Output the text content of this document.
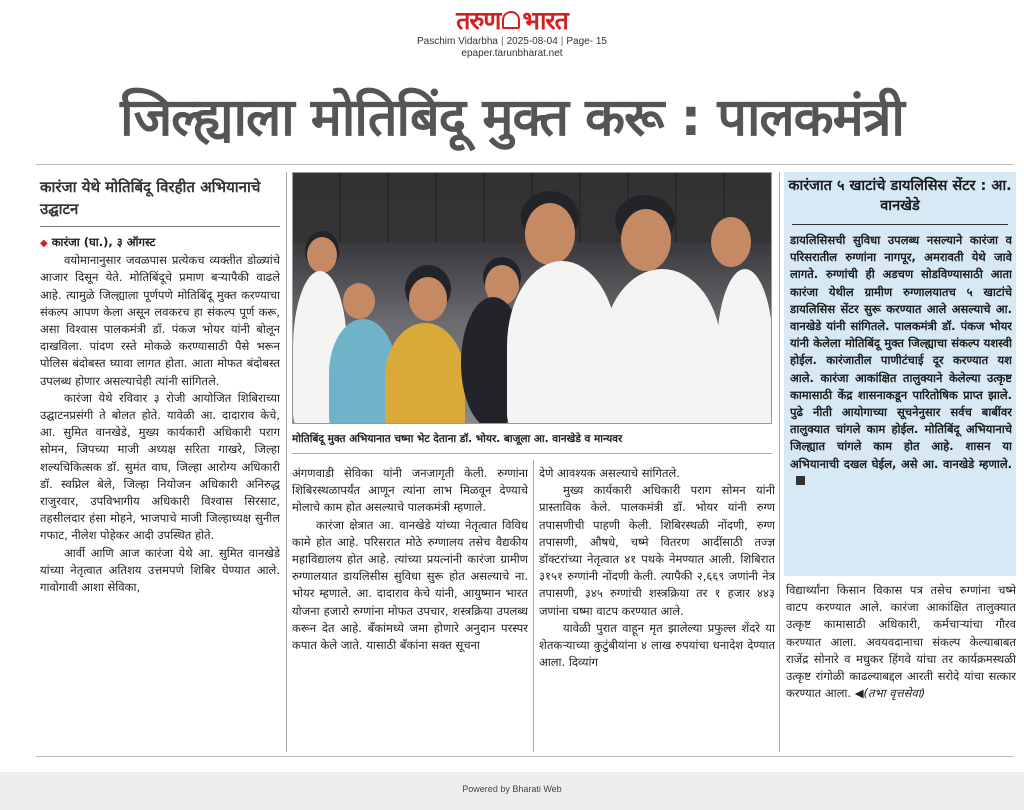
तरुण भारत
Paschim Vidarbha | 2025-08-04 | Page- 15
epaper.tarunbharat.net
जिल्ह्याला मोतिबिंदू मुक्त करू : पालकमंत्री
कारंजा येथे मोतिबिंदू विरहीत अभियानाचे उद्घाटन

◆ कारंजा (घा.), ३ ऑगस्ट

वयोमानानुसार जवळपास प्रत्येकच व्यक्तीत डोळ्यांचे आजार दिसून येते. मोतिबिंदूचे प्रमाण बऱ्यापैकी वाढले आहे. त्यामुळे जिल्ह्याला पूर्णपणे मोतिबिंदू मुक्त करण्याचा संकल्प आपण केला असून लवकरच हा संकल्प पूर्ण करू, असा विश्वास पालकमंत्री डॉ. पंकज भोयर यांनी बोलून दाखविला. पांदण रस्ते मोकळे करण्यासाठी पैसे भरून पोलिस बंदोबस्त घ्यावा लागत होता. आता मोफत बंदोबस्त उपलब्ध होणार असल्याचेही त्यांनी सांगितले.

कारंजा येथे रविवार ३ रोजी आयोजित शिबिराच्या उद्घाटनप्रसंगी ते बोलत होते. यावेळी आ. दादाराव केचे, आ. सुमित वानखेडे, मुख्य कार्यकारी अधिकारी पराग सोमन, जिपच्या माजी अध्यक्ष सरिता गाखरे, जिल्हा शल्यचिकित्सक डॉ. सुमंत वाघ, जिल्हा आरोग्य अधिकारी डॉ. स्वप्निल बेले, जिल्हा नियोजन अधिकारी अनिरुद्ध राजुरवार, उपविभागीय अधिकारी विश्वास सिरसाट, तहसीलदार हंसा मोहने, भाजपाचे माजी जिल्हाध्यक्ष सुनील गफाट, नीलेश पोहेकर आदी उपस्थित होते.

आर्वी आणि आज कारंजा येथे आ. सुमित वानखेडे यांच्या नेतृत्वात अतिशय उत्तमपणे शिबिर घेण्यात आले. गावोगावी आशा सेविका,

मोतिबिंदू मुक्त अभियानात चष्मा भेट देताना डॉ. भोयर. बाजूला आ. वानखेडे व मान्यवर

अंगणवाडी सेविका यांनी जनजागृती केली. रुग्णांना शिबिरस्थळापर्यंत आणून त्यांना लाभ मिळवून देण्याचे मोलाचे काम होत असल्याचे पालकमंत्री म्हणाले.

कारंजा क्षेत्रात आ. वानखेडे यांच्या नेतृत्वात विविध कामे होत आहे. परिसरात मोठे रुग्णालय तसेच वैद्यकीय महाविद्यालय होत आहे. त्यांच्या प्रयत्नांनी कारंजा ग्रामीण रुग्णालयात डायलिसीस सुविधा सुरू होत असल्याचे ना. भोयर म्हणाले. आ. दादाराव केचे यांनी, आयुष्मान भारत योजना हजारो रुग्णांना मोफत उपचार, शस्त्रक्रिया उपलब्ध करून देत आहे. बँकांमध्ये जमा होणारे अनुदान परस्पर कपात केले जाते. यासाठी बँकांना सक्त सूचना

देणे आवश्यक असल्याचे सांगितले.

मुख्य कार्यकारी अधिकारी पराग सोमन यांनी प्रास्ताविक केले. पालकमंत्री डॉ. भोयर यांनी रुग्ण तपासणीची पाहणी केली. शिबिरस्थळी नोंदणी, रुग्ण तपासणी, औषधे, चष्मे वितरण आदींसाठी तज्ज्ञ डॉक्टरांच्या नेतृत्वात ४१ पथके नेमण्यात आली. शिबिरात ३१५१ रुग्णांनी नोंदणी केली. त्यापैकी २,६६९ जणांनी नेत्र तपासणी, ३४५ रुग्णांची शस्त्रक्रिया तर १ हजार ४४३ जणांना चष्मा वाटप करण्यात आले.

यावेळी पुरात वाहून मृत झालेल्या प्रफुल्ल शेंदरे या शेतकऱ्याच्या कुटुंबीयांना ४ लाख रुपयांचा धनादेश देण्यात आला. दिव्यांग

कारंजात ५ खाटांचे डायलिसिस सेंटर : आ. वानखेडे
डायलिसिसची सुविधा उपलब्ध नसल्याने कारंजा व परिसरातील रुग्णांना नागपूर, अमरावती येथे जावे लागते. रुग्णांची ही अडचण सोडविण्यासाठी आता कारंजा येथील ग्रामीण रुग्णालयातच ५ खाटांचे डायलिसिस सेंटर सुरू करण्यात आले असल्याचे आ. वानखेडे यांनी सांगितले. पालकमंत्री डॉ. पंकज भोयर यांनी केलेला मोतिबिंदू मुक्त जिल्ह्याचा संकल्प यशस्वी होईल. कारंजातील पाणीटंचाई दूर करण्यात यश आले. कारंजा आकांक्षित तालुक्याने केलेल्या उत्कृष्ट कामासाठी केंद्र शासनाकडून पारितोषिक प्राप्त झाले. पुढे नीती आयोगाच्या सूचनेनुसार सर्वच बाबींवर तालुक्यात चांगले काम होईल. मोतिबिंदू अभियानाचे जिल्ह्यात चांगले काम होत आहे. शासन या अभियानाची दखल घेईल, असे आ. वानखेडे म्हणाले.

विद्यार्थ्यांना किसान विकास पत्र तसेच रुग्णांना चष्मे वाटप करण्यात आले. कारंजा आकांक्षित तालुक्यात उत्कृष्ट कामासाठी अधिकारी, कर्मचाऱ्यांचा गौरव करण्यात आला. अवयवदानाचा संकल्प केल्याबाबत राजेंद्र सोनारे व मधुकर हिंगवे यांचा तर कार्यक्रमस्थळी उत्कृष्ट रांगोळी काढल्याबद्दल आरती सरोदे यांचा सत्कार करण्यात आला. ◀(तभा वृत्तसेवा)

Powered by Bharati Web
